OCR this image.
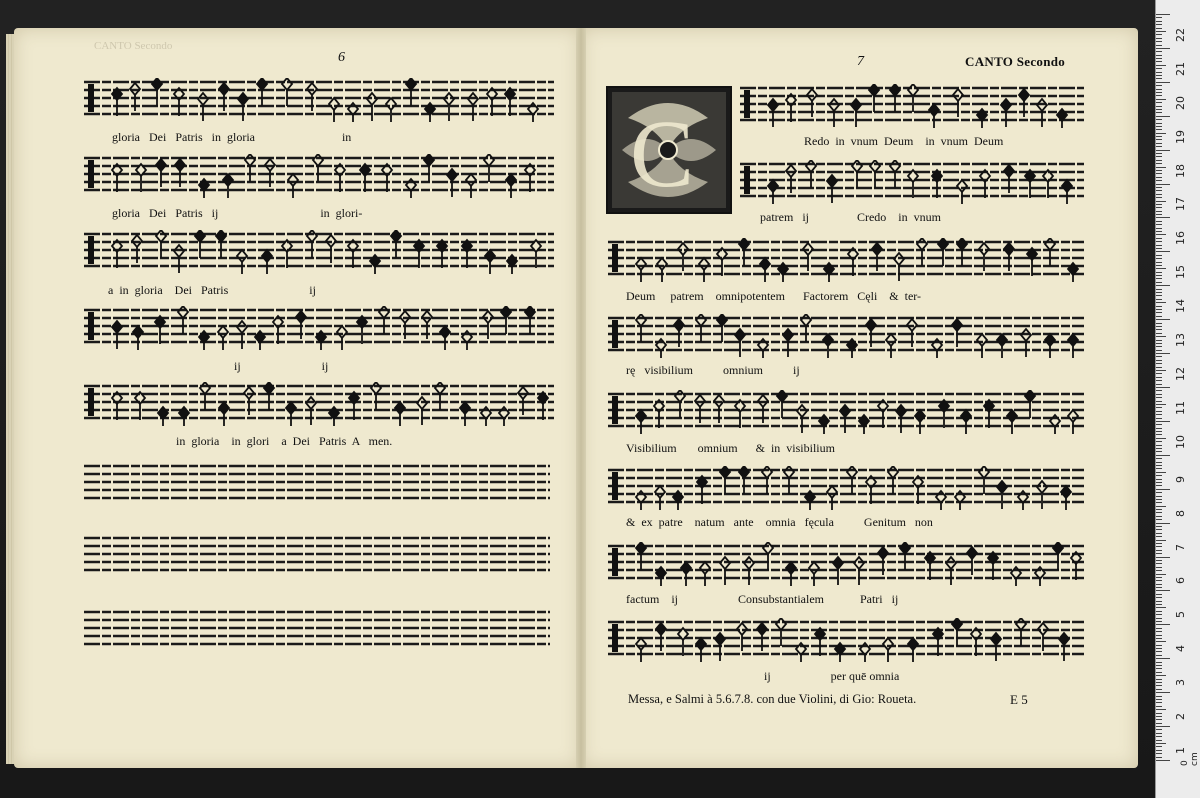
CANTO Secondo
6	7	CANTO Secondo
C
gloria   Dei   Patris   in  gloria                             in
gloria   Dei   Patris   ij                                  in  glori-
a  in  gloria    Dei   Patris                           ij
ij                           ij
in  gloria    in  glori    a  Dei   Patris  A   men.
Redo  in  vnum  Deum    in  vnum  Deum
patrem   ij                Credo    in  vnum
Deum     patrem    omnipotentem      Factorem   Cęli    &  ter-
rę   visibilium          omnium          ij
Visibilium       omnium      &  in  visibilium
&  ex  patre    natum   ante    omnia   fęcula          Genitum   non
factum    ij                    Consubstantialem            Patri   ij
ij                    per quē omnia
Messa, e Salmi à 5.6.7.8. con due Violini, di Gio: Roueta.	E 5
0 cm
22
21
20
19
18
17
16
15
14
13
12
11
10
9
8
7
6
5
4
3
2
1
